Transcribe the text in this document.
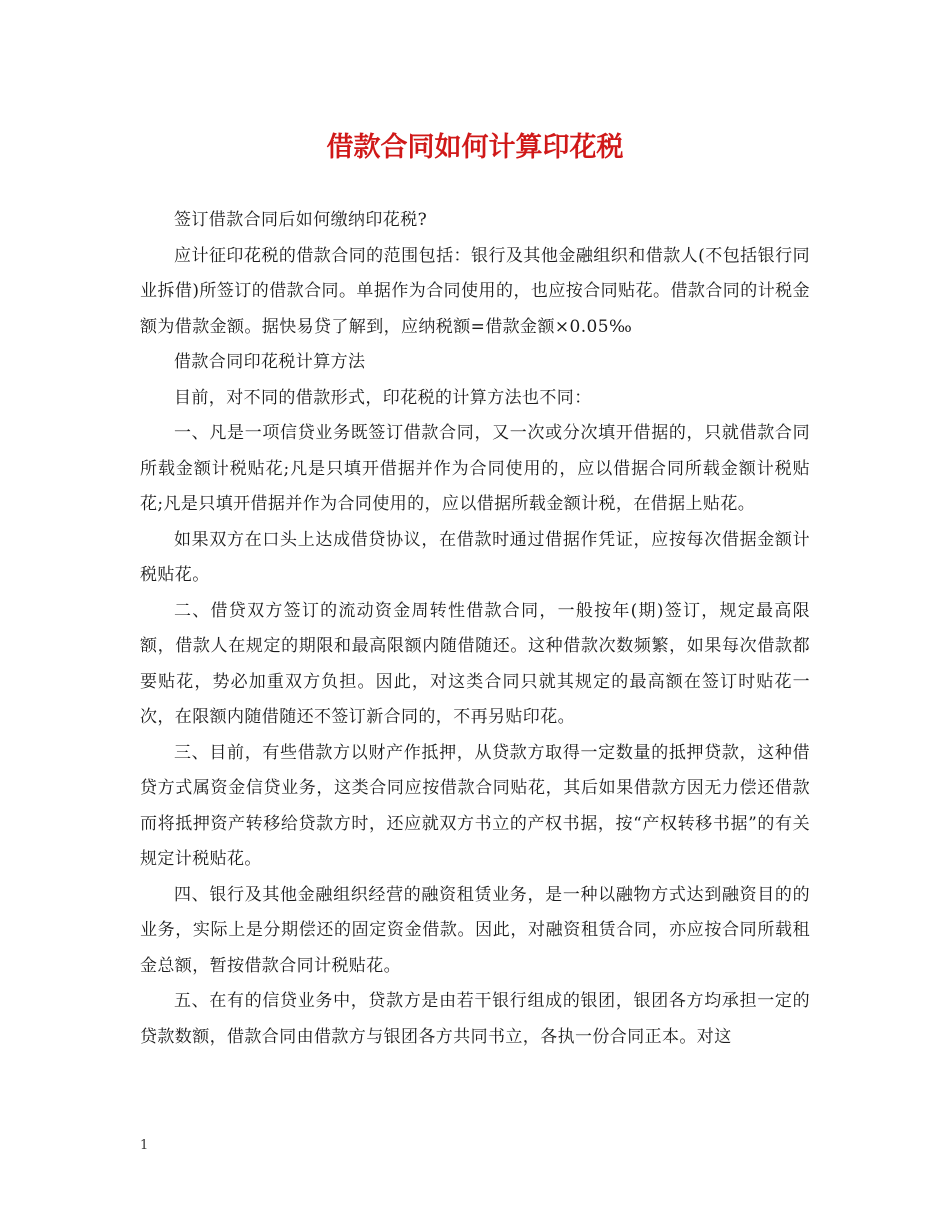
借款合同如何计算印花税

签订借款合同后如何缴纳印花税?

应计征印花税的借款合同的范围包括：银行及其他金融组织和借款人(不包括银行同业拆借)所签订的借款合同。单据作为合同使用的，也应按合同贴花。借款合同的计税金额为借款金额。据快易贷了解到，应纳税额=借款金额×0.05‰

借款合同印花税计算方法

目前，对不同的借款形式，印花税的计算方法也不同：

一、凡是一项信贷业务既签订借款合同，又一次或分次填开借据的，只就借款合同所载金额计税贴花;凡是只填开借据并作为合同使用的，应以借据合同所载金额计税贴花;凡是只填开借据并作为合同使用的，应以借据所载金额计税，在借据上贴花。

如果双方在口头上达成借贷协议，在借款时通过借据作凭证，应按每次借据金额计税贴花。

二、借贷双方签订的流动资金周转性借款合同，一般按年(期)签订，规定最高限额，借款人在规定的期限和最高限额内随借随还。这种借款次数频繁，如果每次借款都要贴花，势必加重双方负担。因此，对这类合同只就其规定的最高额在签订时贴花一次，在限额内随借随还不签订新合同的，不再另贴印花。

三、目前，有些借款方以财产作抵押，从贷款方取得一定数量的抵押贷款，这种借贷方式属资金信贷业务，这类合同应按借款合同贴花，其后如果借款方因无力偿还借款而将抵押资产转移给贷款方时，还应就双方书立的产权书据，按“产权转移书据”的有关规定计税贴花。

四、银行及其他金融组织经营的融资租赁业务，是一种以融物方式达到融资目的的业务，实际上是分期偿还的固定资金借款。因此，对融资租赁合同，亦应按合同所载租金总额，暂按借款合同计税贴花。

五、在有的信贷业务中，贷款方是由若干银行组成的银团，银团各方均承担一定的贷款数额，借款合同由借款方与银团各方共同书立，各执一份合同正本。对这

1
